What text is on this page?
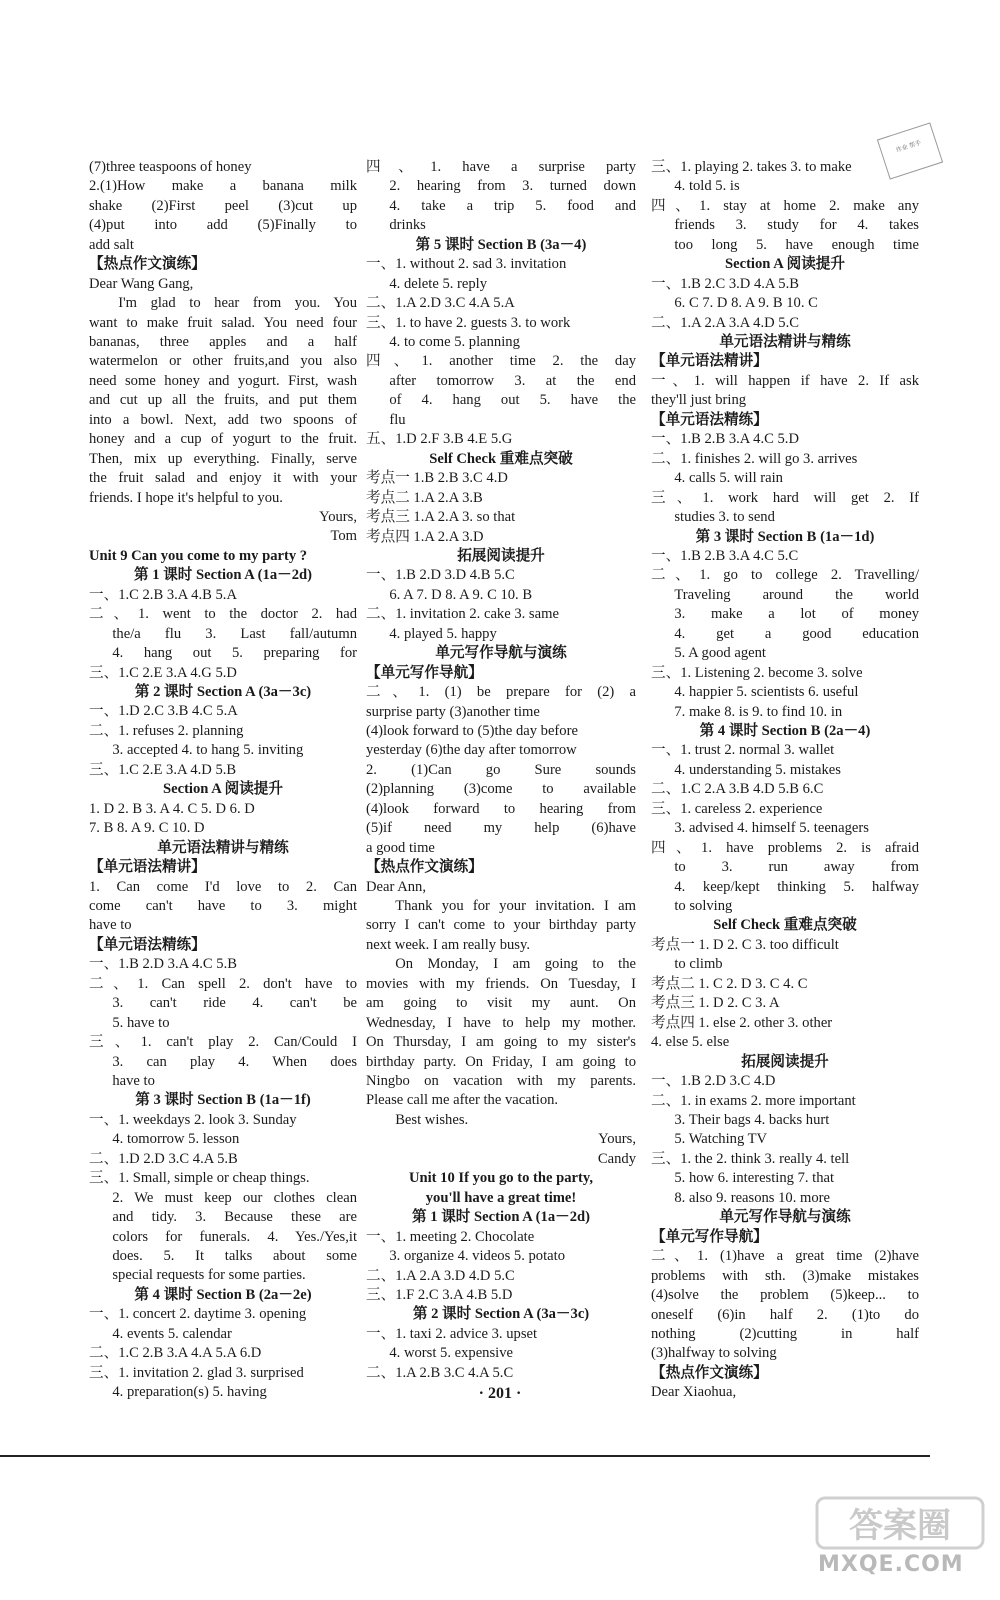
(7)three teaspoons of honey
2.(1)How make a banana milk
shake (2)First peel (3)cut up
(4)put into add (5)Finally to
add salt
【热点作文演练】
Dear Wang Gang,
I'm glad to hear from you. You
want to make fruit salad. You need four
bananas, three apples and a half
watermelon or other fruits,and you also
need some honey and yogurt. First, wash
and cut up all the fruits, and put them
into a bowl. Next, add two spoons of
honey and a cup of yogurt to the fruit.
Then, mix up everything. Finally, serve
the fruit salad and enjoy it with your
friends. I hope it's helpful to you.
Yours,
Tom
Unit 9 Can you come to my party ?
第 1 课时 Section A (1a－2d)
一、1.C 2.B 3.A 4.B 5.A
二、1. went to the doctor 2. had
the/a flu 3. Last fall/autumn
4. hang out 5. preparing for
三、1.C 2.E 3.A 4.G 5.D
第 2 课时 Section A (3a－3c)
一、1.D 2.C 3.B 4.C 5.A
二、1. refuses 2. planning
3. accepted 4. to hang 5. inviting
三、1.C 2.E 3.A 4.D 5.B
Section A 阅读提升
1. D 2. B 3. A 4. C 5. D 6. D
7. B 8. A 9. C 10. D
单元语法精讲与精练
【单元语法精讲】
1. Can come I'd love to 2. Can
come can't have to 3. might
have to
【单元语法精练】
一、1.B 2.D 3.A 4.C 5.B
二、1. Can spell 2. don't have to
3. can't ride 4. can't be
5. have to
三、1. can't play 2. Can/Could I
3. can play 4. When does
have to
第 3 课时 Section B (1a－1f)
一、1. weekdays 2. look 3. Sunday
4. tomorrow 5. lesson
二、1.D 2.D 3.C 4.A 5.B
三、1. Small, simple or cheap things.
2. We must keep our clothes clean
and tidy. 3. Because these are
colors for funerals. 4. Yes./Yes,it
does. 5. It talks about some
special requests for some parties.
第 4 课时 Section B (2a－2e)
一、1. concert 2. daytime 3. opening
4. events 5. calendar
二、1.C 2.B 3.A 4.A 5.A 6.D
三、1. invitation 2. glad 3. surprised
4. preparation(s) 5. having
四、1. have a surprise party
2. hearing from 3. turned down
4. take a trip 5. food and
drinks
第 5 课时 Section B (3a－4)
一、1. without 2. sad 3. invitation
4. delete 5. reply
二、1.A 2.D 3.C 4.A 5.A
三、1. to have 2. guests 3. to work
4. to come 5. planning
四、1. another time 2. the day
after tomorrow 3. at the end
of 4. hang out 5. have the
flu
五、1.D 2.F 3.B 4.E 5.G
Self Check 重难点突破
考点一 1.B 2.B 3.C 4.D
考点二 1.A 2.A 3.B
考点三 1.A 2.A 3. so that
考点四 1.A 2.A 3.D
拓展阅读提升
一、1.B 2.D 3.D 4.B 5.C
6. A 7. D 8. A 9. C 10. B
二、1. invitation 2. cake 3. same
4. played 5. happy
单元写作导航与演练
【单元写作导航】
二、1. (1) be prepare for (2) a
surprise party (3)another time
(4)look forward to (5)the day before
yesterday (6)the day after tomorrow
2. (1)Can go Sure sounds
(2)planning (3)come to available
(4)look forward to hearing from
(5)if need my help (6)have
a good time
【热点作文演练】
Dear Ann,
Thank you for your invitation. I am
sorry I can't come to your birthday party
next week. I am really busy.
On Monday, I am going to the
movies with my friends. On Tuesday, I
am going to visit my aunt. On
Wednesday, I have to help my mother.
On Thursday, I am going to my sister's
birthday party. On Friday, I am going to
Ningbo on vacation with my parents.
Please call me after the vacation.
Best wishes.
Yours,
Candy
Unit 10 If you go to the party,
you'll have a great time!
第 1 课时 Section A (1a－2d)
一、1. meeting 2. Chocolate
3. organize 4. videos 5. potato
二、1.A 2.A 3.D 4.D 5.C
三、1.F 2.C 3.A 4.B 5.D
第 2 课时 Section A (3a－3c)
一、1. taxi 2. advice 3. upset
4. worst 5. expensive
二、1.A 2.B 3.C 4.A 5.C
三、1. playing 2. takes 3. to make
4. told 5. is
四、1. stay at home 2. make any
friends 3. study for 4. takes
too long 5. have enough time
Section A 阅读提升
一、1.B 2.C 3.D 4.A 5.B
6. C 7. D 8. A 9. B 10. C
二、1.A 2.A 3.A 4.D 5.C
单元语法精讲与精练
【单元语法精讲】
一、1. will happen if have 2. If ask
they'll just bring
【单元语法精练】
一、1.B 2.B 3.A 4.C 5.D
二、1. finishes 2. will go 3. arrives
4. calls 5. will rain
三、1. work hard will get 2. If
studies 3. to send
第 3 课时 Section B (1a－1d)
一、1.B 2.B 3.A 4.C 5.C
二、1. go to college 2. Travelling/
Traveling around the world
3. make a lot of money
4. get a good education
5. A good agent
三、1. Listening 2. become 3. solve
4. happier 5. scientists 6. useful
7. make 8. is 9. to find 10. in
第 4 课时 Section B (2a－4)
一、1. trust 2. normal 3. wallet
4. understanding 5. mistakes
二、1.C 2.A 3.B 4.D 5.B 6.C
三、1. careless 2. experience
3. advised 4. himself 5. teenagers
四、1. have problems 2. is afraid
to 3. run away from
4. keep/kept thinking 5. halfway
to solving
Self Check 重难点突破
考点一 1. D 2. C 3. too difficult
to climb
考点二 1. C 2. D 3. C 4. C
考点三 1. D 2. C 3. A
考点四 1. else 2. other 3. other
4. else 5. else
拓展阅读提升
一、1.B 2.D 3.C 4.D
二、1. in exams 2. more important
3. Their bags 4. backs hurt
5. Watching TV
三、1. the 2. think 3. really 4. tell
5. how 6. interesting 7. that
8. also 9. reasons 10. more
单元写作导航与演练
【单元写作导航】
二、1. (1)have a great time (2)have
problems with sth. (3)make mistakes
(4)solve the problem (5)keep... to
oneself (6)in half 2. (1)to do
nothing (2)cutting in half
(3)halfway to solving
【热点作文演练】
Dear Xiaohua,
作业 帮手
· 201 ·
答案圈
MXQE.COM
